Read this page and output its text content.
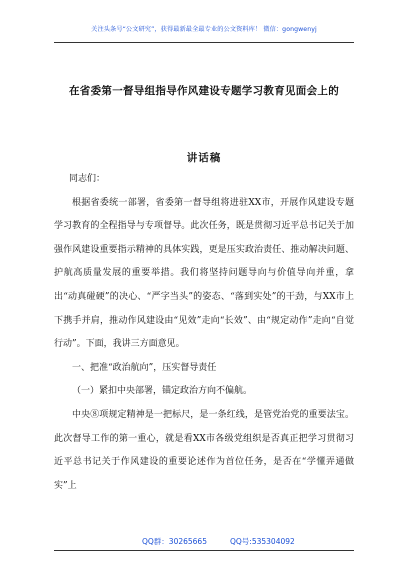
关注头条号“公文研究”，获得最新最全最专业的公文资料库！ 微信：gongwenyj
在省委第一督导组指导作风建设专题学习教育见面会上的
讲话稿
同志们：

根据省委统一部署，省委第一督导组将进驻XX市，开展作风建设专题学习教育的全程指导与专项督导。此次任务，既是贯彻习近平总书记关于加强作风建设重要指示精神的具体实践，更是压实政治责任、推动解决问题、护航高质量发展的重要举措。我们将坚持问题导向与价值导向并重，拿出“动真碰硬”的决心、“严字当头”的姿态、“落到实处”的干劲，与XX市上下携手并肩，推动作风建设由“见效”走向“长效”、由“规定动作”走向“自觉行动”。下面，我讲三方面意见。

一、把准“政治航向”，压实督导责任

（一）紧扣中央部署，锚定政治方向不偏航。

中央⑧项规定精神是一把标尺，是一条红线，是管党治党的重要法宝。此次督导工作的第一重心，就是看XX市各级党组织是否真正把学习贯彻习近平总书记关于作风建设的重要论述作为首位任务，是否在“学懂弄通做实”上

QQ群：30265665	QQ号:535304092
